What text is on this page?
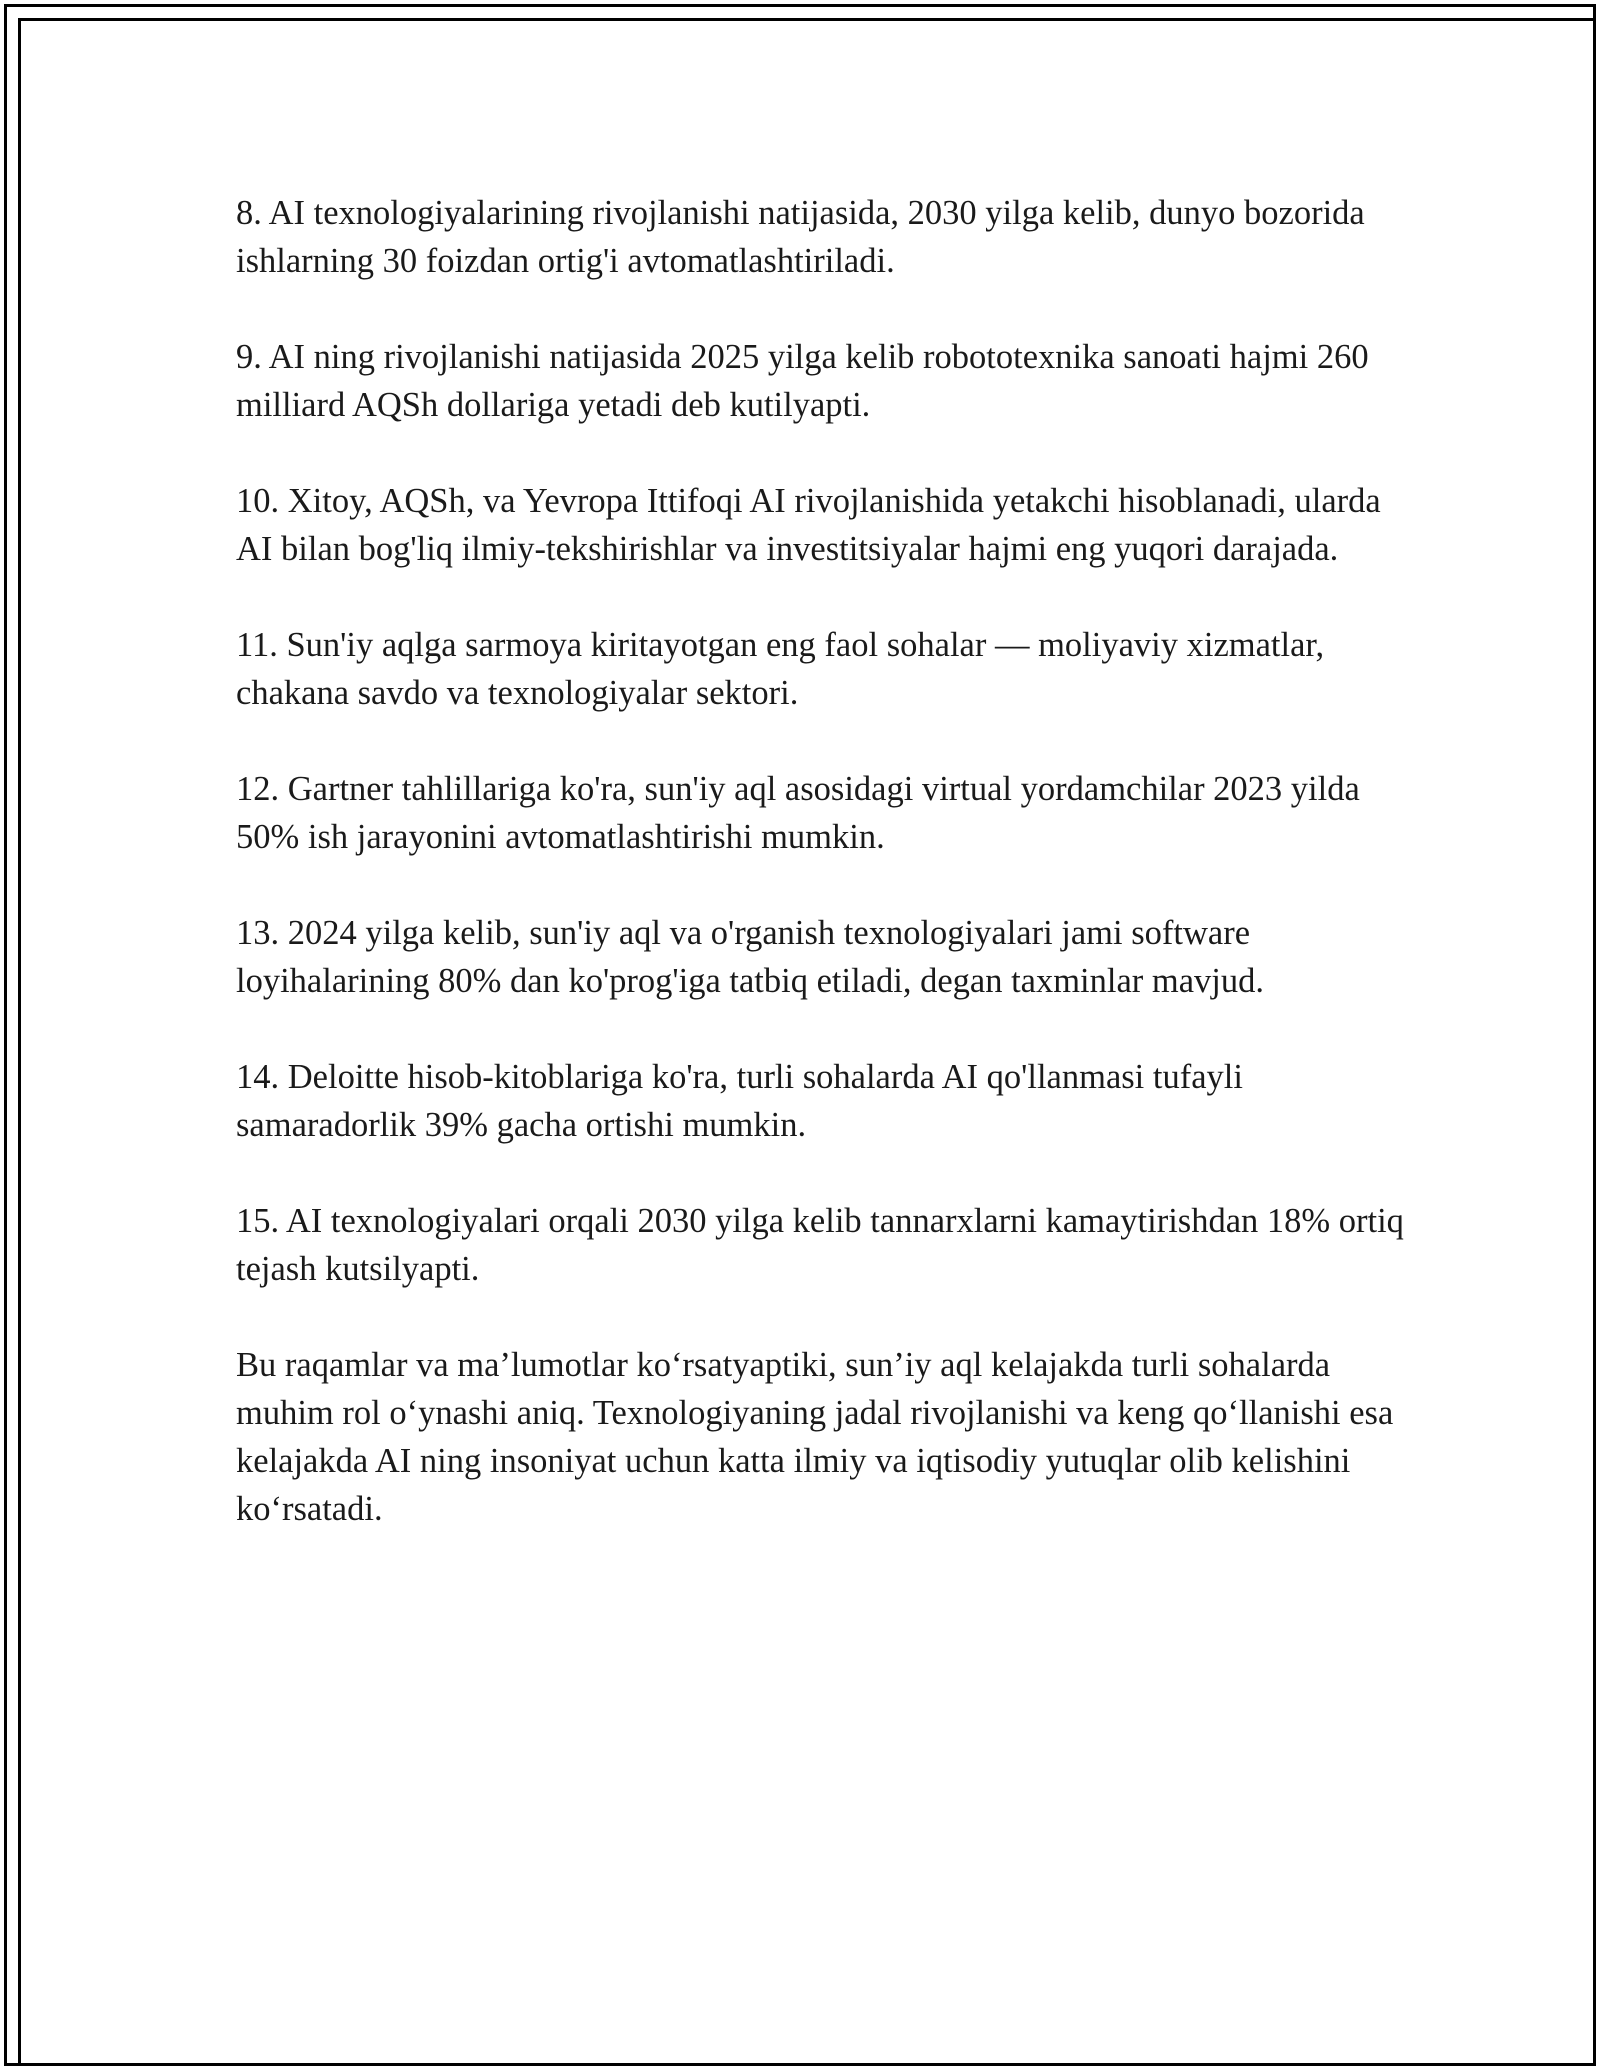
8. AI texnologiyalarining rivojlanishi natijasida, 2030 yilga kelib, dunyo bozorida ishlarning 30 foizdan ortig'i avtomatlashtiriladi.

9. AI ning rivojlanishi natijasida 2025 yilga kelib robototexnika sanoati hajmi 260 milliard AQSh dollariga yetadi deb kutilyapti.

10. Xitoy, AQSh, va Yevropa Ittifoqi AI rivojlanishida yetakchi hisoblanadi, ularda AI bilan bog'liq ilmiy-tekshirishlar va investitsiyalar hajmi eng yuqori darajada.

11. Sun'iy aqlga sarmoya kiritayotgan eng faol sohalar — moliyaviy xizmatlar, chakana savdo va texnologiyalar sektori.

12. Gartner tahlillariga ko'ra, sun'iy aql asosidagi virtual yordamchilar 2023 yilda 50% ish jarayonini avtomatlashtirishi mumkin.

13. 2024 yilga kelib, sun'iy aql va o'rganish texnologiyalari jami software loyihalarining 80% dan ko'prog'iga tatbiq etiladi, degan taxminlar mavjud.

14. Deloitte hisob-kitoblariga ko'ra, turli sohalarda AI qo'llanmasi tufayli samaradorlik 39% gacha ortishi mumkin.

15. AI texnologiyalari orqali 2030 yilga kelib tannarxlarni kamaytirishdan 18% ortiq tejash kutsilyapti.

Bu raqamlar va ma’lumotlar ko‘rsatyaptiki, sun’iy aql kelajakda turli sohalarda muhim rol o‘ynashi aniq. Texnologiyaning jadal rivojlanishi va keng qo‘llanishi esa kelajakda AI ning insoniyat uchun katta ilmiy va iqtisodiy yutuqlar olib kelishini ko‘rsatadi.
